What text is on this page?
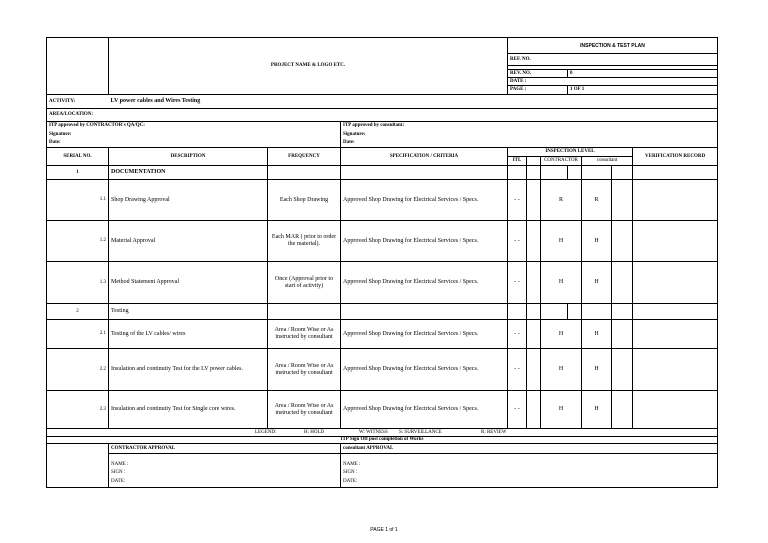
	PROJECT NAME & LOGO ETC.			INSPECTION & TEST PLAN						
				REF. NO.						

				REV. NO.			0			
				DATE :						
				PAGE :			1 OF 1			
ACTIVITY:	LV power cables and Wires Testing									
AREA/LOCATION:										
ITP approved by CONTRACTOR's QA/QC:			ITP approved by consultant:							
Signature:			Signature:							
Date:			Date:							
SERIAL NO.	DESCRIPTION	FREQUENCY	SPECIFICATION / CRITERIA	INSPECTION LEVEL						VERIFICATION RECORD
				ITL		CONTRACTOR		consultant		
1	DOCUMENTATION									
1.1	Shop Drawing Approval	Each Shop Drawing	Approved Shop Drawing for Electrical Services / Specs.	- -		R		R		
1.2	Material Approval	Each MAR ( prior to order the material).	Approved Shop Drawing for Electrical Services / Specs.	- -		H		H		
1.3	Method Statement Approval	Once (Approval prior to start of activity)	Approved Shop Drawing for Electrical Services / Specs.	- -		H		H		
2	Testing									
2.1	Testing of the LV cables/ wires	Area / Room Wise or As instructed by consultant	Approved Shop Drawing for Electrical Services / Specs.	- -		H		H		
2.2	Insulation and continuity Test for the LV power cables.	Area / Room Wise or As instructed by consultant	Approved Shop Drawing for Electrical Services / Specs.	- -		H		H		
2.3	Insulation and continuity Test for Single core wires.	Area / Room Wise or As instructed by consultant	Approved Shop Drawing for Electrical Services / Specs.	- -		H		H		

LEGEND: H: HOLD W: WITNESS S: SURVEILLANCE R: REVIEW										

ITP Sign Off post completion of Works										
	CONTRACTOR APPROVAL		consultant APPROVAL							
	NAME :		NAME :							
	SIGN :		SIGN :							
	DATE:		DATE:							
PAGE 1 of 1
